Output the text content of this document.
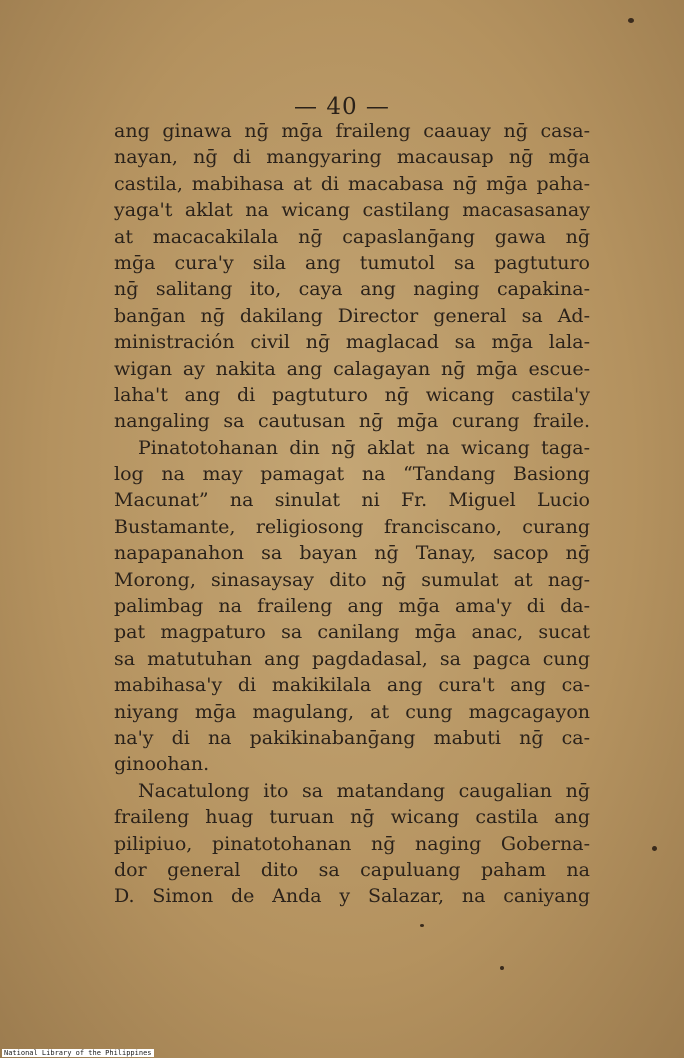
— 40 —
ang ginawa nḡ mḡa fraileng caauay nḡ casa-
nayan, nḡ di mangyaring macausap nḡ mḡa
castila, mabihasa at di macabasa nḡ mḡa paha-
yaga't aklat na wicang castilang macasasanay
at macacakilala nḡ capaslanḡang gawa nḡ
mḡa cura'y sila ang tumutol sa pagtuturo
nḡ salitang ito, caya ang naging capakina-
banḡan nḡ dakilang Director general sa Ad-
ministración civil nḡ maglacad sa mḡa lala-
wigan ay nakita ang calagayan nḡ mḡa escue-
laha't ang di pagtuturo nḡ wicang castila'y
nangaling sa cautusan nḡ mḡa curang fraile.
Pinatotohanan din nḡ aklat na wicang taga-
log na may pamagat na “Tandang Basiong
Macunat” na sinulat ni Fr. Miguel Lucio
Bustamante, religiosong franciscano, curang
napapanahon sa bayan nḡ Tanay, sacop nḡ
Morong, sinasaysay dito nḡ sumulat at nag-
palimbag na fraileng ang mḡa ama'y di da-
pat magpaturo sa canilang mḡa anac, sucat
sa matutuhan ang pagdadasal, sa pagca cung
mabihasa'y di makikilala ang cura't ang ca-
niyang mḡa magulang, at cung magcagayon
na'y di na pakikinabanḡang mabuti nḡ ca-
ginoohan.
Nacatulong ito sa matandang caugalian nḡ
fraileng huag turuan nḡ wicang castila ang
pilipiuo, pinatotohanan nḡ naging Goberna-
dor general dito sa capuluang paham na
D. Simon de Anda y Salazar, na caniyang
National Library of the Philippines
